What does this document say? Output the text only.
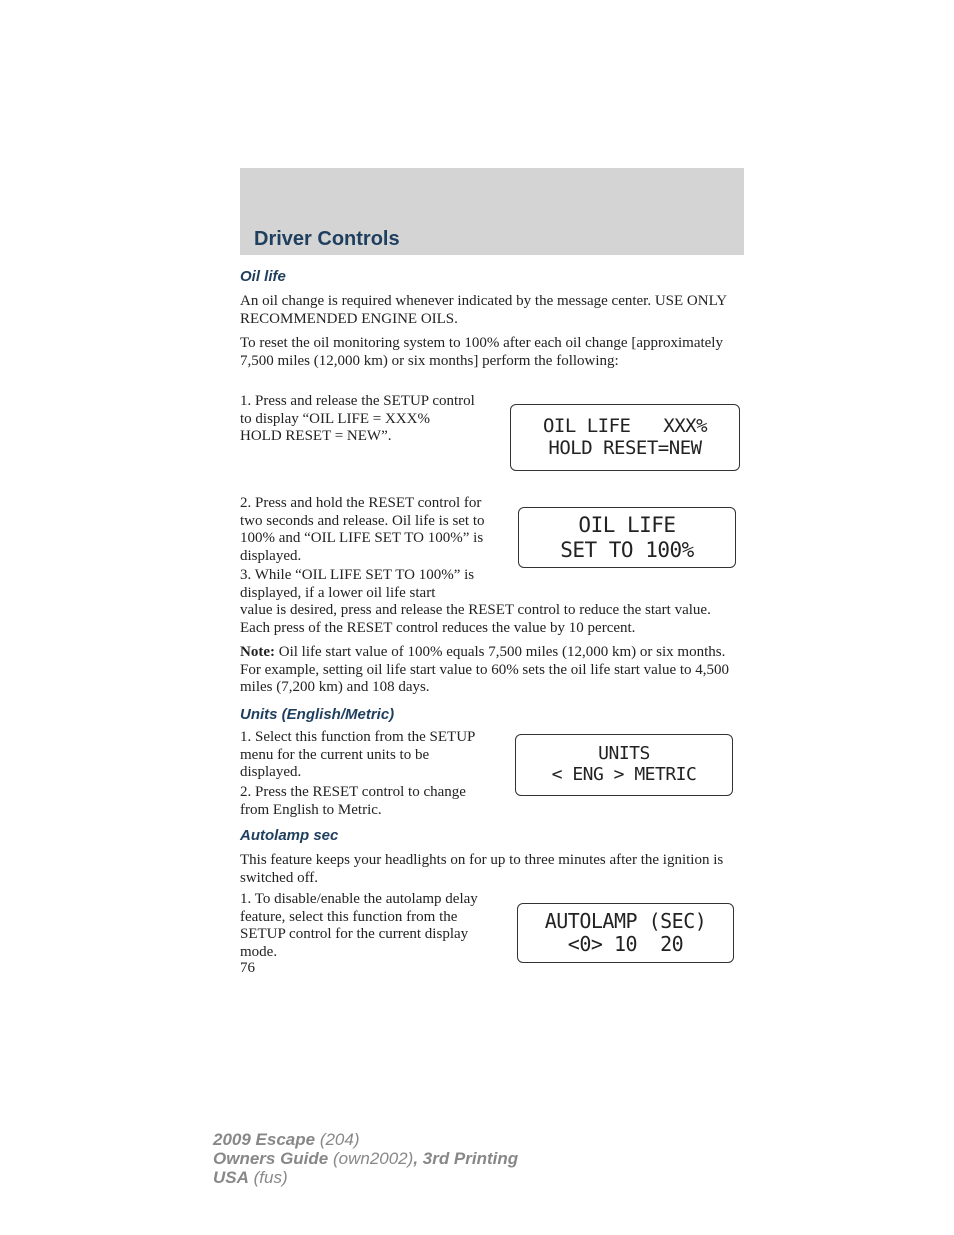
Driver Controls
Oil life
An oil change is required whenever indicated by the message center. USE ONLY RECOMMENDED ENGINE OILS.
To reset the oil monitoring system to 100% after each oil change [approximately 7,500 miles (12,000 km) or six months] perform the following:
1. Press and release the SETUP control to display “OIL LIFE = XXX% HOLD RESET = NEW”.	OIL LIFE   XXX%
HOLD RESET=NEW
2. Press and hold the RESET control for two seconds and release. Oil life is set to 100% and “OIL LIFE SET TO 100%” is displayed.
OIL LIFE
SET TO 100%
3. While “OIL LIFE SET TO 100%” is displayed, if a lower oil life start
value is desired, press and release the RESET control to reduce the start value. Each press of the RESET control reduces the value by 10 percent.
Note: Oil life start value of 100% equals 7,500 miles (12,000 km) or six months. For example, setting oil life start value to 60% sets the oil life start value to 4,500 miles (7,200 km) and 108 days.
Units (English/Metric)
1. Select this function from the SETUP menu for the current units to be displayed.
2. Press the RESET control to change from English to Metric.
UNITS
< ENG > METRIC
Autolamp sec
This feature keeps your headlights on for up to three minutes after the ignition is switched off.
1. To disable/enable the autolamp delay feature, select this function from the SETUP control for the current display mode.
AUTOLAMP (SEC)
<0> 10  20
76
2009 Escape (204)
Owners Guide (own2002), 3rd Printing
USA (fus)
